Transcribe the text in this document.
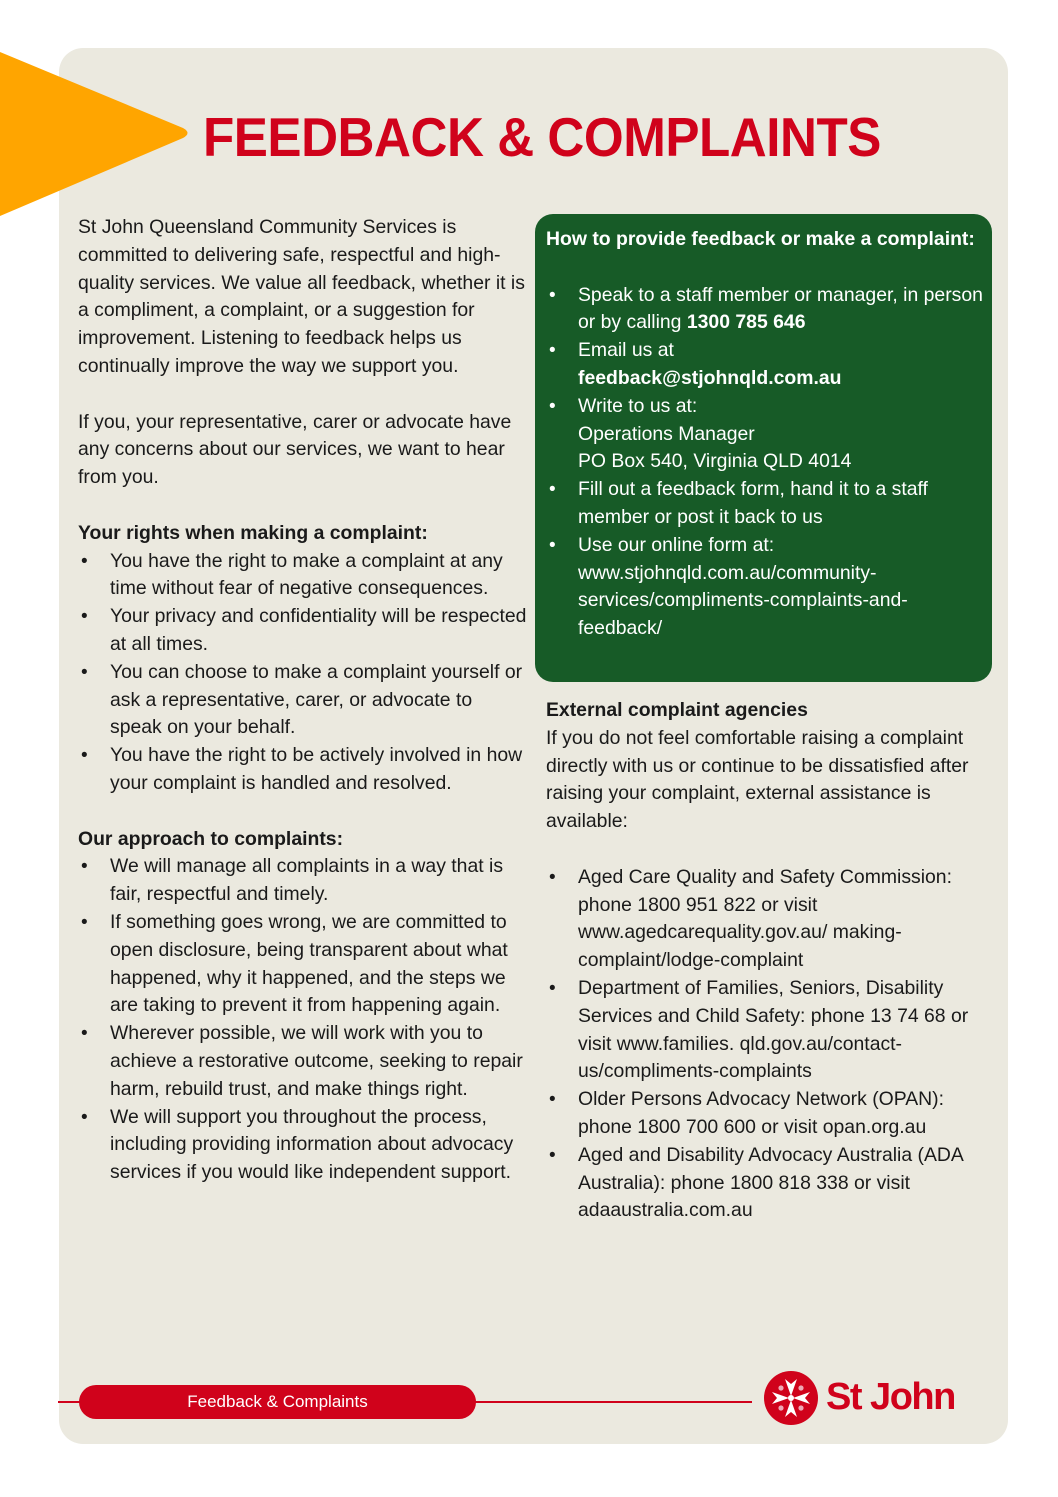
FEEDBACK & COMPLAINTS

St John Queensland Community Services is committed to delivering safe, respectful and high-quality services. We value all feedback, whether it is a compliment, a complaint, or a suggestion for improvement. Listening to feedback helps us continually improve the way we support you.

If you, your representative, carer or advocate have any concerns about our services, we want to hear from you.

Your rights when making a complaint:

• You have the right to make a complaint at any time without fear of negative consequences.
• Your privacy and confidentiality will be respected at all times.
• You can choose to make a complaint yourself or ask a representative, carer, or advocate to speak on your behalf.
• You have the right to be actively involved in how your complaint is handled and resolved.

Our approach to complaints:

• We will manage all complaints in a way that is fair, respectful and timely.
• If something goes wrong, we are committed to open disclosure, being transparent about what happened, why it happened, and the steps we are taking to prevent it from happening again.
• Wherever possible, we will work with you to achieve a restorative outcome, seeking to repair harm, rebuild trust, and make things right.
• We will support you throughout the process, including providing information about advocacy services if you would like independent support.

How to provide feedback or make a complaint:

• Speak to a staff member or manager, in person or by calling 1300 785 646
• Email us at
feedback@stjohnqld.com.au
• Write to us at:
Operations Manager
PO Box 540, Virginia QLD 4014
• Fill out a feedback form, hand it to a staff member or post it back to us
• Use our online form at:
www.stjohnqld.com.au/community-
services/compliments-complaints-and-
feedback/

External complaint agencies

If you do not feel comfortable raising a complaint directly with us or continue to be dissatisfied after raising your complaint, external assistance is available:

• Aged Care Quality and Safety Commission: phone 1800 951 822 or visit www.agedcarequality.gov.au/ making-complaint/lodge-complaint
• Department of Families, Seniors, Disability Services and Child Safety: phone 13 74 68 or visit www.families. qld.gov.au/contact-us/compliments-complaints
• Older Persons Advocacy Network (OPAN): phone 1800 700 600 or visit opan.org.au
• Aged and Disability Advocacy Australia (ADA Australia): phone 1800 818 338 or visit adaaustralia.com.au
Feedback & Complaints	St John
